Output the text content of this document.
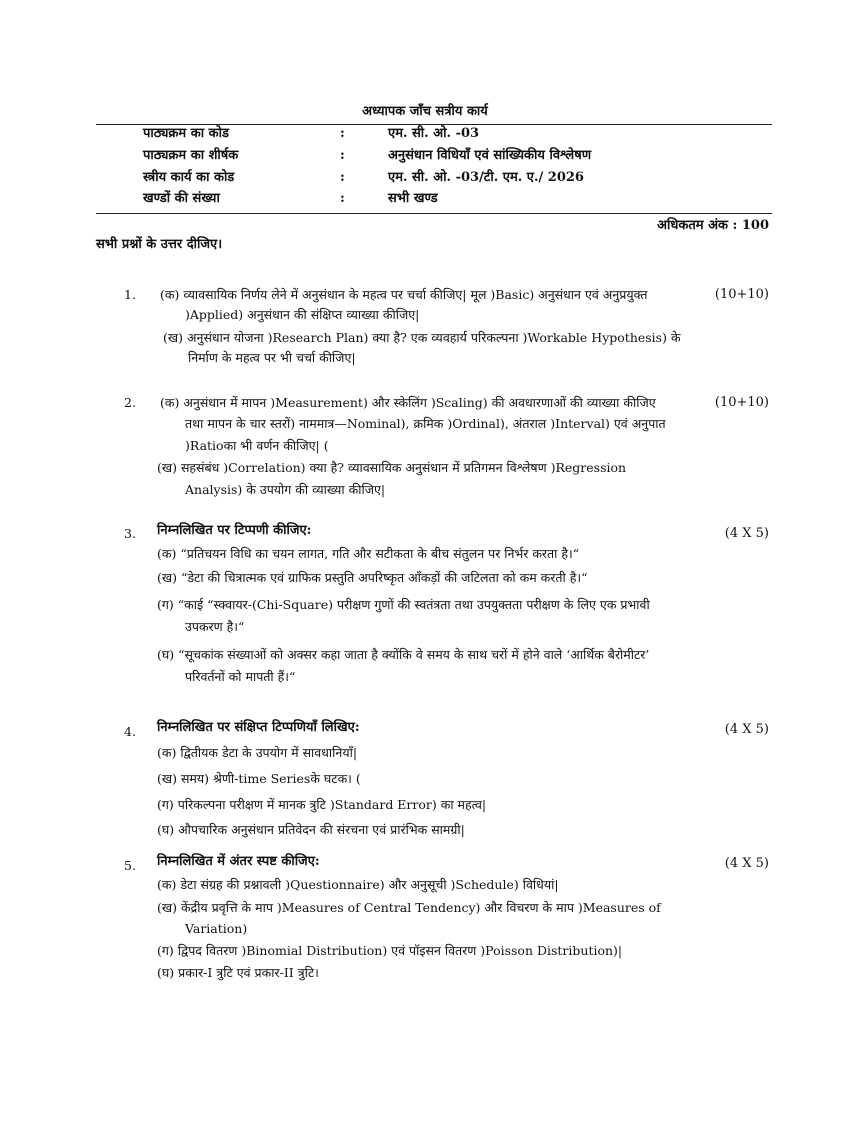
अध्यापक जाँच सत्रीय कार्य
पाठ्यक्रम का कोड	:	एम. सी. ओ. -03
पाठ्यक्रम का शीर्षक	:	अनुसंधान विधियाँ एवं सांख्यिकीय विश्लेषण
स्त्रीय कार्य का कोड	:	एम. सी. ओ. -03/टी. एम. ए./ 2026
खण्डों की संख्या	:	सभी खण्ड
अधिकतम अंक : 100
सभी प्रश्नों के उत्तर दीजिए।
1. (क) व्यावसायिक निर्णय लेने में अनुसंधान के महत्व पर चर्चा कीजिए| मूल )Basic) अनुसंधान एवं अनुप्रयुक्त	(10+10)
)Applied) अनुसंधान की संक्षिप्त व्याख्या कीजिए|
(ख) अनुसंधान योजना )Research Plan) क्या है? एक व्यवहार्य परिकल्पना )Workable Hypothesis) के
निर्माण के महत्व पर भी चर्चा कीजिए|
2. (क) अनुसंधान में मापन )Measurement) और स्केलिंग )Scaling) की अवधारणाओं की व्याख्या कीजिए	(10+10)
तथा मापन के चार स्तरों) नाममात्र—Nominal), क्रमिक )Ordinal), अंतराल )Interval) एवं अनुपात
)Ratioका भी वर्णन कीजिए| (
(ख) सहसंबंध )Correlation) क्या है? व्यावसायिक अनुसंधान में प्रतिगमन विश्लेषण )Regression
Analysis) के उपयोग की व्याख्या कीजिए|
3. निम्नलिखित पर टिप्पणी कीजिए:	(4 X 5)
(क) “प्रतिचयन विधि का चयन लागत, गति और सटीकता के बीच संतुलन पर निर्भर करता है।“
(ख) “डेटा की चित्रात्मक एवं ग्राफिक प्रस्तुति अपरिष्कृत आँकड़ों की जटिलता को कम करती है।“
(ग) “काई “स्क्वायर-(Chi-Square) परीक्षण गुणों की स्वतंत्रता तथा उपयुक्तता परीक्षण के लिए एक प्रभावी
उपकरण है।“
(घ) “सूचकांक संख्याओं को अक्सर कहा जाता है क्योंकि वे समय के साथ चरों में होने वाले ‘आर्थिक बैरोमीटर’
परिवर्तनों को मापती हैं।“
4. निम्नलिखित पर संक्षिप्त टिप्पणियाँ लिखिए:	(4 X 5)
(क) द्वितीयक डेटा के उपयोग में सावधानियाँ|
(ख) समय) श्रेणी-time Seriesके घटक। (
(ग) परिकल्पना परीक्षण में मानक त्रुटि )Standard Error) का महत्व|
(घ) औपचारिक अनुसंधान प्रतिवेदन की संरचना एवं प्रारंभिक सामग्री|
5. निम्नलिखित में अंतर स्पष्ट कीजिए:	(4 X 5)
(क) डेटा संग्रह की प्रश्नावली )Questionnaire) और अनुसूची )Schedule) विधियां|
(ख) केंद्रीय प्रवृत्ति के माप )Measures of Central Tendency) और विचरण के माप )Measures of
Variation)
(ग) द्विपद वितरण )Binomial Distribution) एवं पॉइसन वितरण )Poisson Distribution)|
(घ) प्रकार-I त्रुटि एवं प्रकार-II त्रुटि।
